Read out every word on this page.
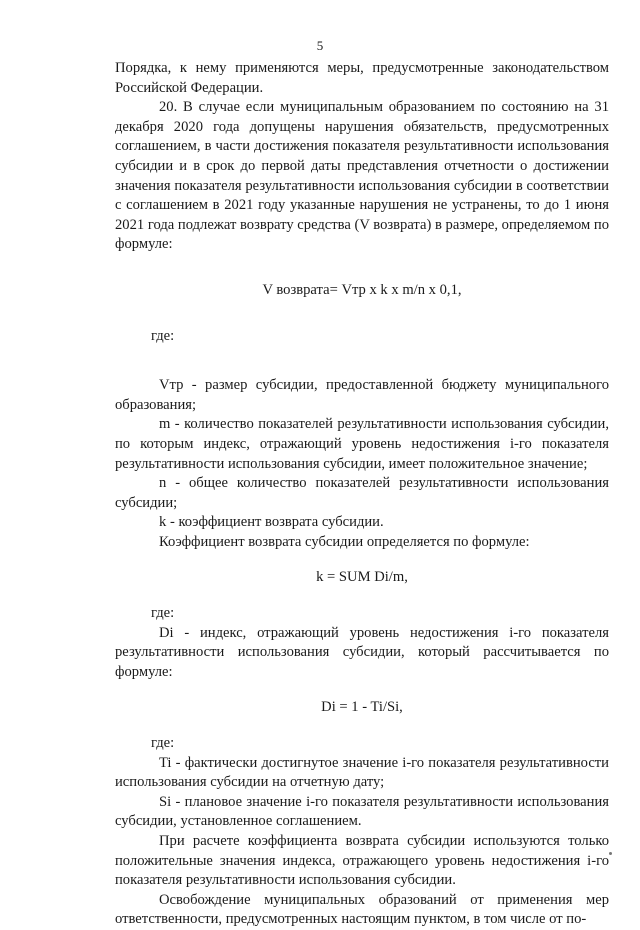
5

Порядка, к нему применяются меры, предусмотренные законодательством Российской Федерации.

20. В случае если муниципальным образованием по состоянию на 31 декабря 2020 года допущены нарушения обязательств, предусмотренных соглашением, в части достижения показателя результативности использования субсидии и в срок до первой даты представления отчетности о достижении значения показателя результативности использования субсидии в соответствии с соглашением в 2021 году указанные нарушения не устранены, то до 1 июня 2021 года подлежат возврату средства (V возврата) в размере, определяемом по формуле:

V возврата= Vтр x k x m/n x 0,1,

где:

Vтр - размер субсидии, предоставленной бюджету муниципального образования;

m - количество показателей результативности использования субсидии, по которым индекс, отражающий уровень недостижения i-го показателя результативности использования субсидии, имеет положительное значение;

n - общее количество показателей результативности использования субсидии;

k - коэффициент возврата субсидии.

Коэффициент возврата субсидии определяется по формуле:

k = SUM Di/m,

где:

Di - индекс, отражающий уровень недостижения i-го показателя результативности использования субсидии, который рассчитывается по формуле:

Di = 1 - Ti/Si,

где:

Ti - фактически достигнутое значение i-го показателя результативности использования субсидии на отчетную дату;

Si - плановое значение i-го показателя результативности использования субсидии, установленное соглашением.

При расчете коэффициента возврата субсидии используются только положительные значения индекса, отражающего уровень недостижения i-го показателя результативности использования субсидии.

Освобождение муниципальных образований от применения мер ответственности, предусмотренных настоящим пунктом, в том числе от по-
